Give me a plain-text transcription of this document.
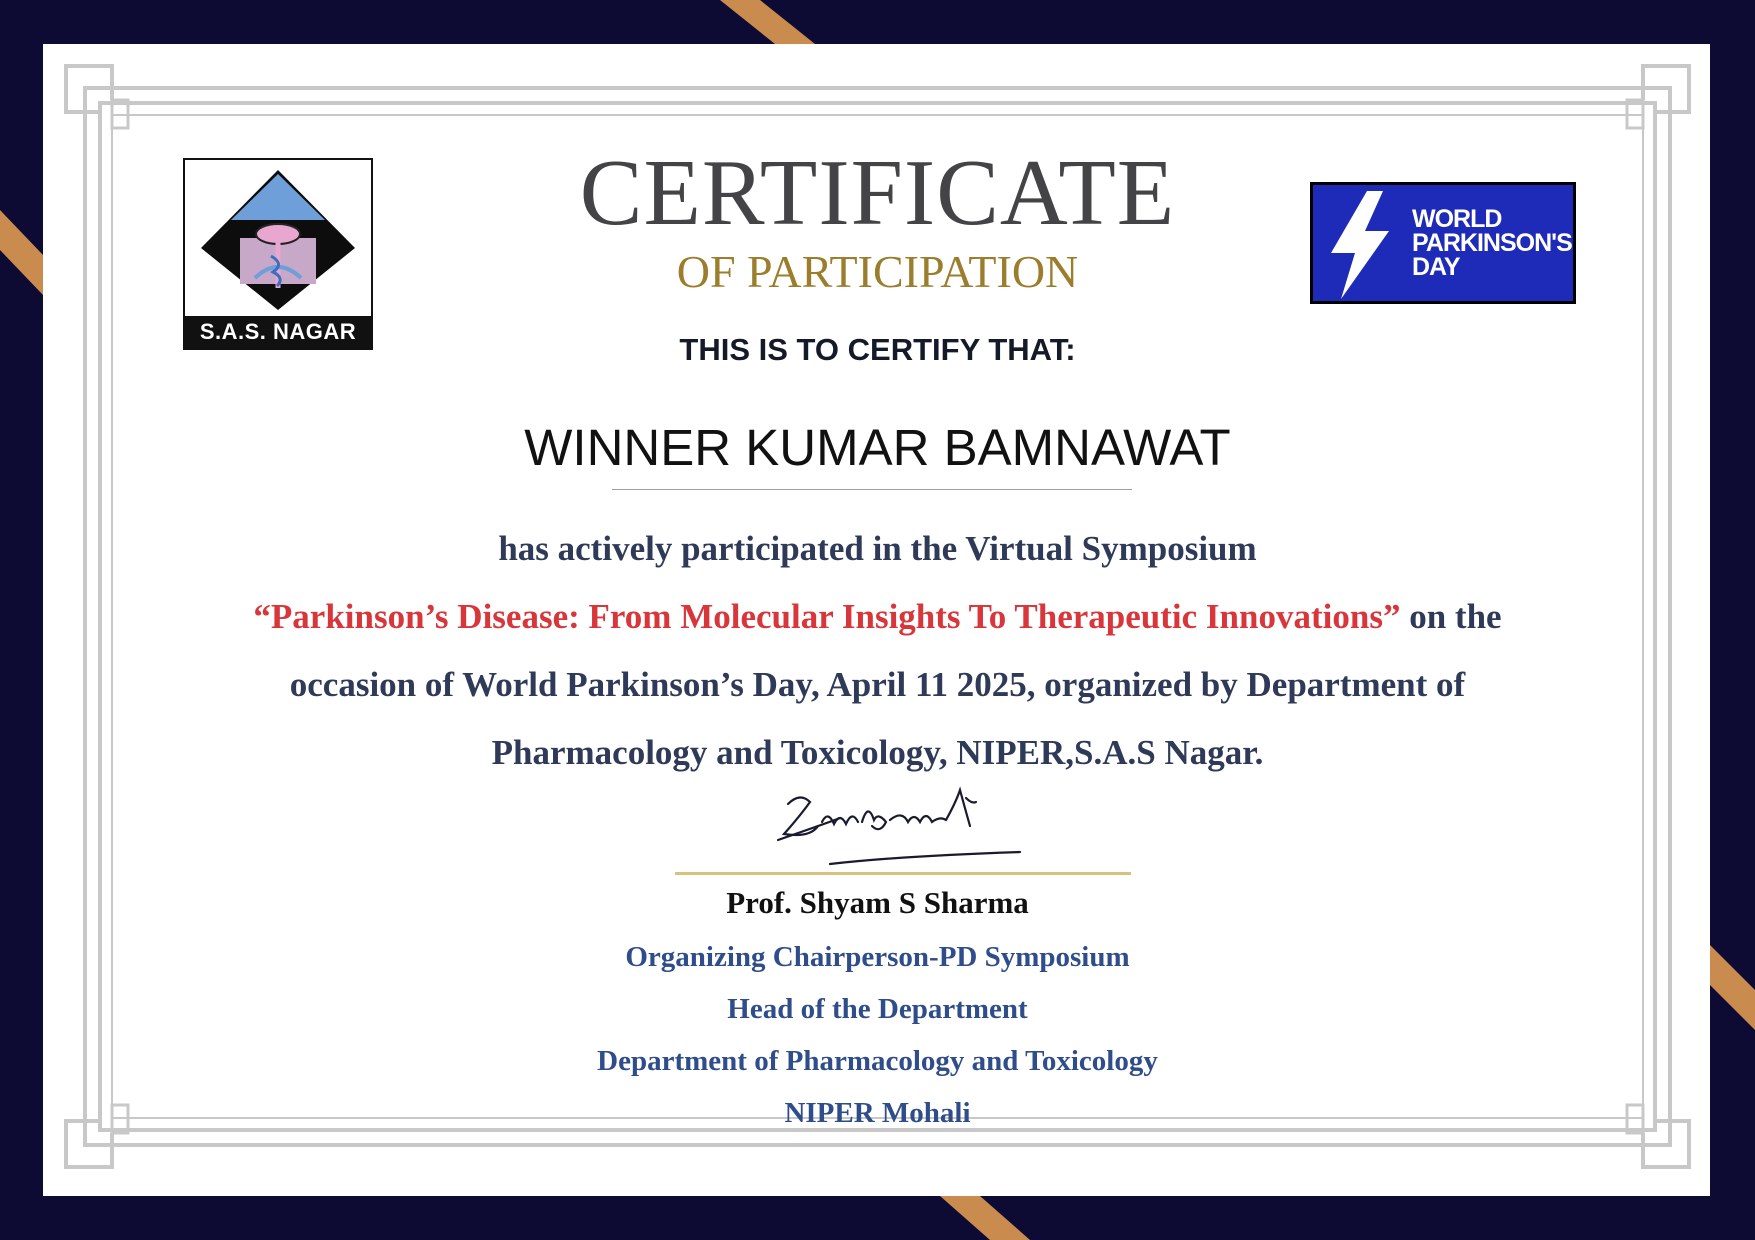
S.A.S. NAGAR
WORLD
PARKINSON'S
DAY
CERTIFICATE
OF PARTICIPATION
THIS IS TO CERTIFY THAT:
WINNER KUMAR BAMNAWAT
has actively participated in the Virtual Symposium
“Parkinson’s Disease: From Molecular Insights To Therapeutic Innovations” on the occasion of World Parkinson’s Day, April 11 2025, organized by Department of Pharmacology and Toxicology, NIPER,S.A.S Nagar.
Prof. Shyam S Sharma
Organizing Chairperson-PD Symposium
Head of the Department
Department of Pharmacology and Toxicology
NIPER Mohali
